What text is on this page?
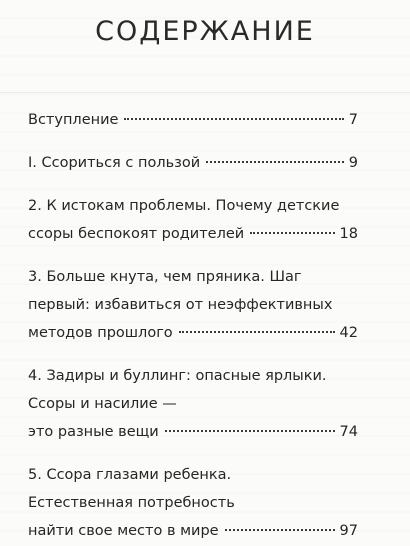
СОДЕРЖАНИЕ
Вступление	7
I. Ссориться с пользой	9
2. К истокам проблемы. Почему детские
ссоры беспокоят родителей	18
3. Больше кнута, чем пряника. Шаг
первый: избавиться от неэффективных
методов прошлого	42
4. Задиры и буллинг: опасные ярлыки.
Ссоры и насилие —
это разные вещи	74
5. Ссора глазами ребенка.
Естественная потребность
найти свое место в мире	97
